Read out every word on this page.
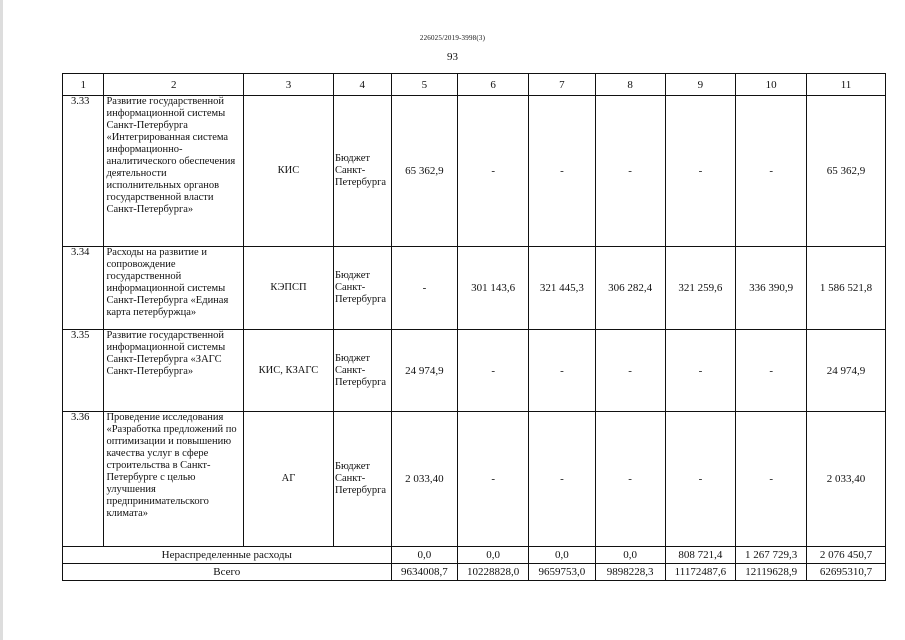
226025/2019-3998(3)
93
1	2	3	4	5	6	7	8	9	10	11
3.33	Развитие государственной информационной системы Санкт-Петербурга «Интегрированная система информационно-аналитического обеспечения деятельности исполнительных органов государственной власти Санкт-Петербурга»	КИС	Бюджет Санкт-Петербурга	65 362,9	-	-	-	-	-	65 362,9
3.34	Расходы на развитие и сопровождение государственной информационной системы Санкт-Петербурга «Единая карта петербуржца»	КЭПСП	Бюджет Санкт-Петербурга	-	301 143,6	321 445,3	306 282,4	321 259,6	336 390,9	1 586 521,8
3.35	Развитие государственной информационной системы Санкт-Петербурга «ЗАГС Санкт-Петербурга»	КИС, КЗАГС	Бюджет Санкт-Петербурга	24 974,9	-	-	-	-	-	24 974,9
3.36	Проведение исследования «Разработка предложений по оптимизации и повышению качества услуг в сфере строительства в Санкт-Петербурге с целью улучшения предпринимательского климата»	АГ	Бюджет Санкт-Петербурга	2 033,40	-	-	-	-	-	2 033,40
Нераспределенные расходы				0,0	0,0	0,0	0,0	808 721,4	1 267 729,3	2 076 450,7
Всего				9634008,7	10228828,0	9659753,0	9898228,3	11172487,6	12119628,9	62695310,7
